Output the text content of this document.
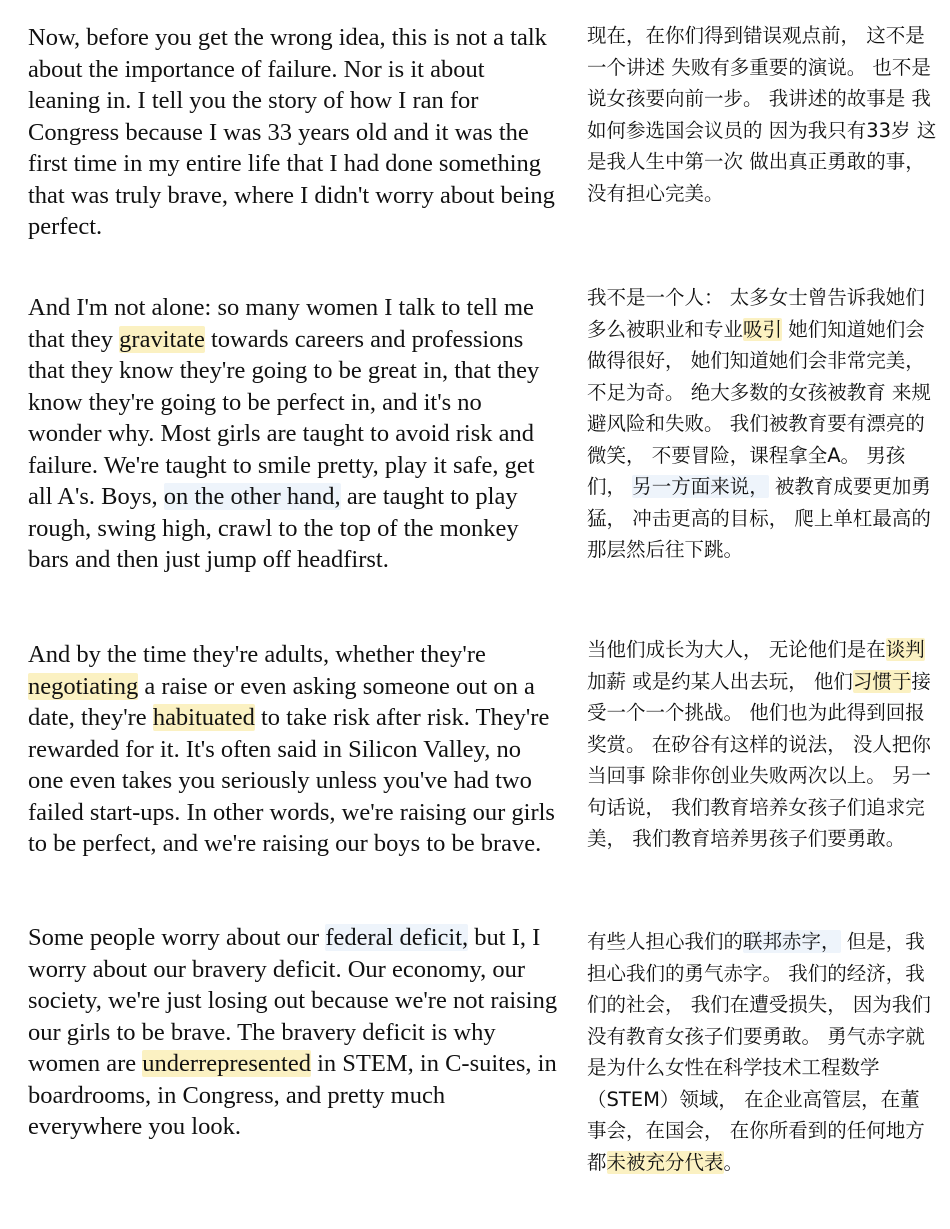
Now, before you get the wrong idea, this is not a talk about the importance of failure. Nor is it about leaning in. I tell you the story of how I ran for Congress because I was 33 years old and it was the first time in my entire life that I had done something that was truly brave, where I didn't worry about being perfect.
现在，在你们得到错误观点前， 这不是一个讲述 失败有多重要的演说。 也不是说女孩要向前一步。 我讲述的故事是 我如何参选国会议员的 因为我只有33岁 这是我人生中第一次 做出真正勇敢的事， 没有担心完美。
And I'm not alone: so many women I talk to tell me that they gravitate towards careers and professions that they know they're going to be great in, that they know they're going to be perfect in, and it's no wonder why. Most girls are taught to avoid risk and failure. We're taught to smile pretty, play it safe, get all A's. Boys, on the other hand, are taught to play rough, swing high, crawl to the top of the monkey bars and then just jump off headfirst.
我不是一个人： 太多女士曾告诉我她们多么被职业和专业吸引 她们知道她们会做得很好， 她们知道她们会非常完美， 不足为奇。 绝大多数的女孩被教育 来规避风险和失败。 我们被教育要有漂亮的微笑， 不要冒险，课程拿全A。 男孩们， 另一方面来说， 被教育成要更加勇猛， 冲击更高的目标， 爬上单杠最高的那层然后往下跳。
And by the time they're adults, whether they're negotiating a raise or even asking someone out on a date, they're habituated to take risk after risk. They're rewarded for it. It's often said in Silicon Valley, no one even takes you seriously unless you've had two failed start-ups. In other words, we're raising our girls to be perfect, and we're raising our boys to be brave.
当他们成长为大人， 无论他们是在谈判加薪 或是约某人出去玩， 他们习惯于接受一个一个挑战。 他们也为此得到回报奖赏。 在矽谷有这样的说法， 没人把你当回事 除非你创业失败两次以上。 另一句话说， 我们教育培养女孩子们追求完美， 我们教育培养男孩子们要勇敢。
Some people worry about our federal deficit, but I, I worry about our bravery deficit. Our economy, our society, we're just losing out because we're not raising our girls to be brave. The bravery deficit is why women are underrepresented in STEM, in C-suites, in boardrooms, in Congress, and pretty much everywhere you look.
有些人担心我们的联邦赤字， 但是，我担心我们的勇气赤字。 我们的经济，我们的社会， 我们在遭受损失， 因为我们没有教育女孩子们要勇敢。 勇气赤字就是为什么女性在科学技术工程数学（STEM）领域， 在企业高管层，在董事会，在国会， 在你所看到的任何地方 都未被充分代表。
